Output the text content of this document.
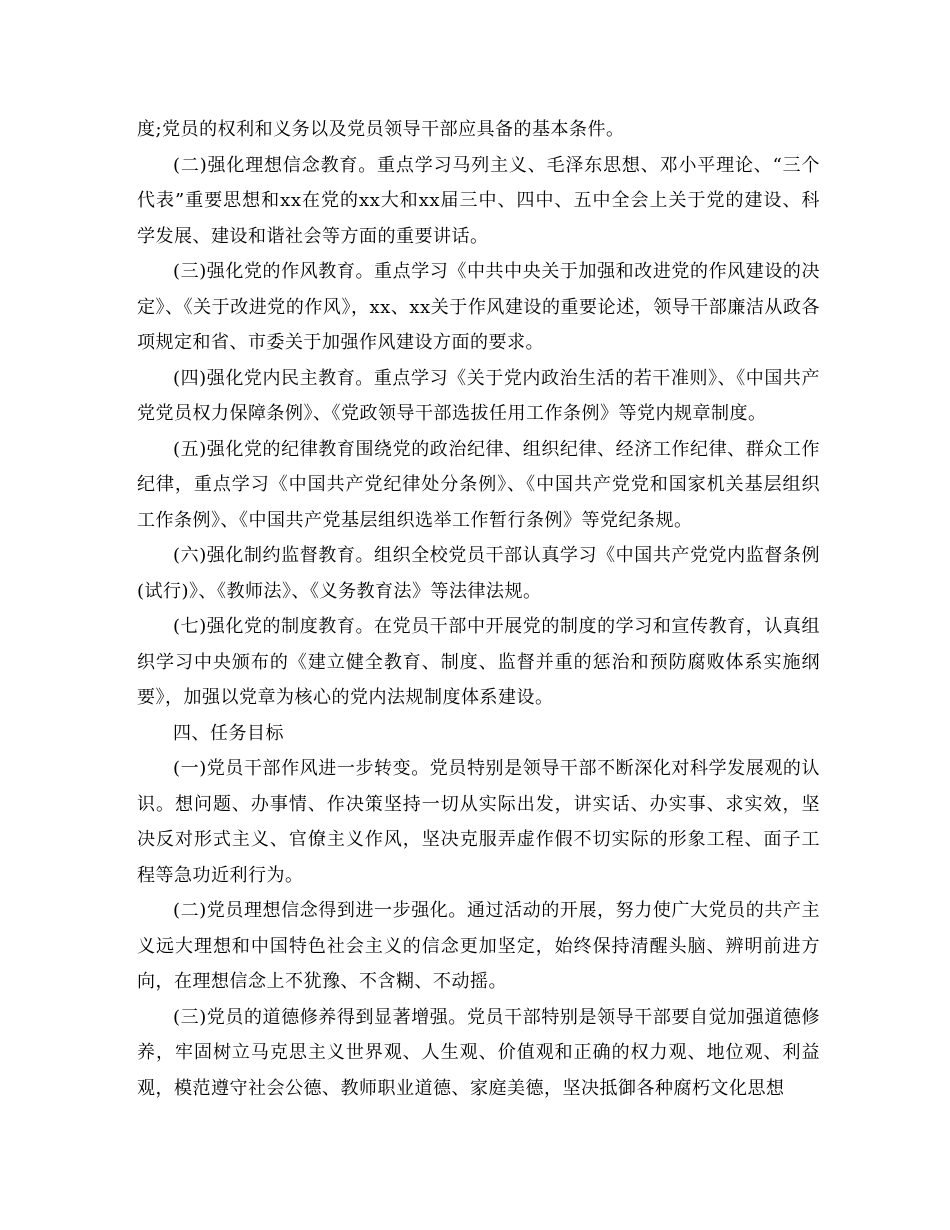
度;党员的权利和义务以及党员领导干部应具备的基本条件。

(二)强化理想信念教育。重点学习马列主义、毛泽东思想、邓小平理论、“三个代表”重要思想和xx在党的xx大和xx届三中、四中、五中全会上关于党的建设、科学发展、建设和谐社会等方面的重要讲话。

(三)强化党的作风教育。重点学习《中共中央关于加强和改进党的作风建设的决定》、《关于改进党的作风》，xx、xx关于作风建设的重要论述，领导干部廉洁从政各项规定和省、市委关于加强作风建设方面的要求。

(四)强化党内民主教育。重点学习《关于党内政治生活的若干准则》、《中国共产党党员权力保障条例》、《党政领导干部选拔任用工作条例》等党内规章制度。

(五)强化党的纪律教育围绕党的政治纪律、组织纪律、经济工作纪律、群众工作纪律，重点学习《中国共产党纪律处分条例》、《中国共产党党和国家机关基层组织工作条例》、《中国共产党基层组织选举工作暂行条例》等党纪条规。

(六)强化制约监督教育。组织全校党员干部认真学习《中国共产党党内监督条例(试行)》、《教师法》、《义务教育法》等法律法规。

(七)强化党的制度教育。在党员干部中开展党的制度的学习和宣传教育，认真组织学习中央颁布的《建立健全教育、制度、监督并重的惩治和预防腐败体系实施纲要》，加强以党章为核心的党内法规制度体系建设。

四、任务目标

(一)党员干部作风进一步转变。党员特别是领导干部不断深化对科学发展观的认识。想问题、办事情、作决策坚持一切从实际出发，讲实话、办实事、求实效，坚决反对形式主义、官僚主义作风，坚决克服弄虚作假不切实际的形象工程、面子工程等急功近利行为。

(二)党员理想信念得到进一步强化。通过活动的开展，努力使广大党员的共产主义远大理想和中国特色社会主义的信念更加坚定，始终保持清醒头脑、辨明前进方向，在理想信念上不犹豫、不含糊、不动摇。

(三)党员的道德修养得到显著增强。党员干部特别是领导干部要自觉加强道德修养，牢固树立马克思主义世界观、人生观、价值观和正确的权力观、地位观、利益观，模范遵守社会公德、教师职业道德、家庭美德，坚决抵御各种腐朽文化思想
